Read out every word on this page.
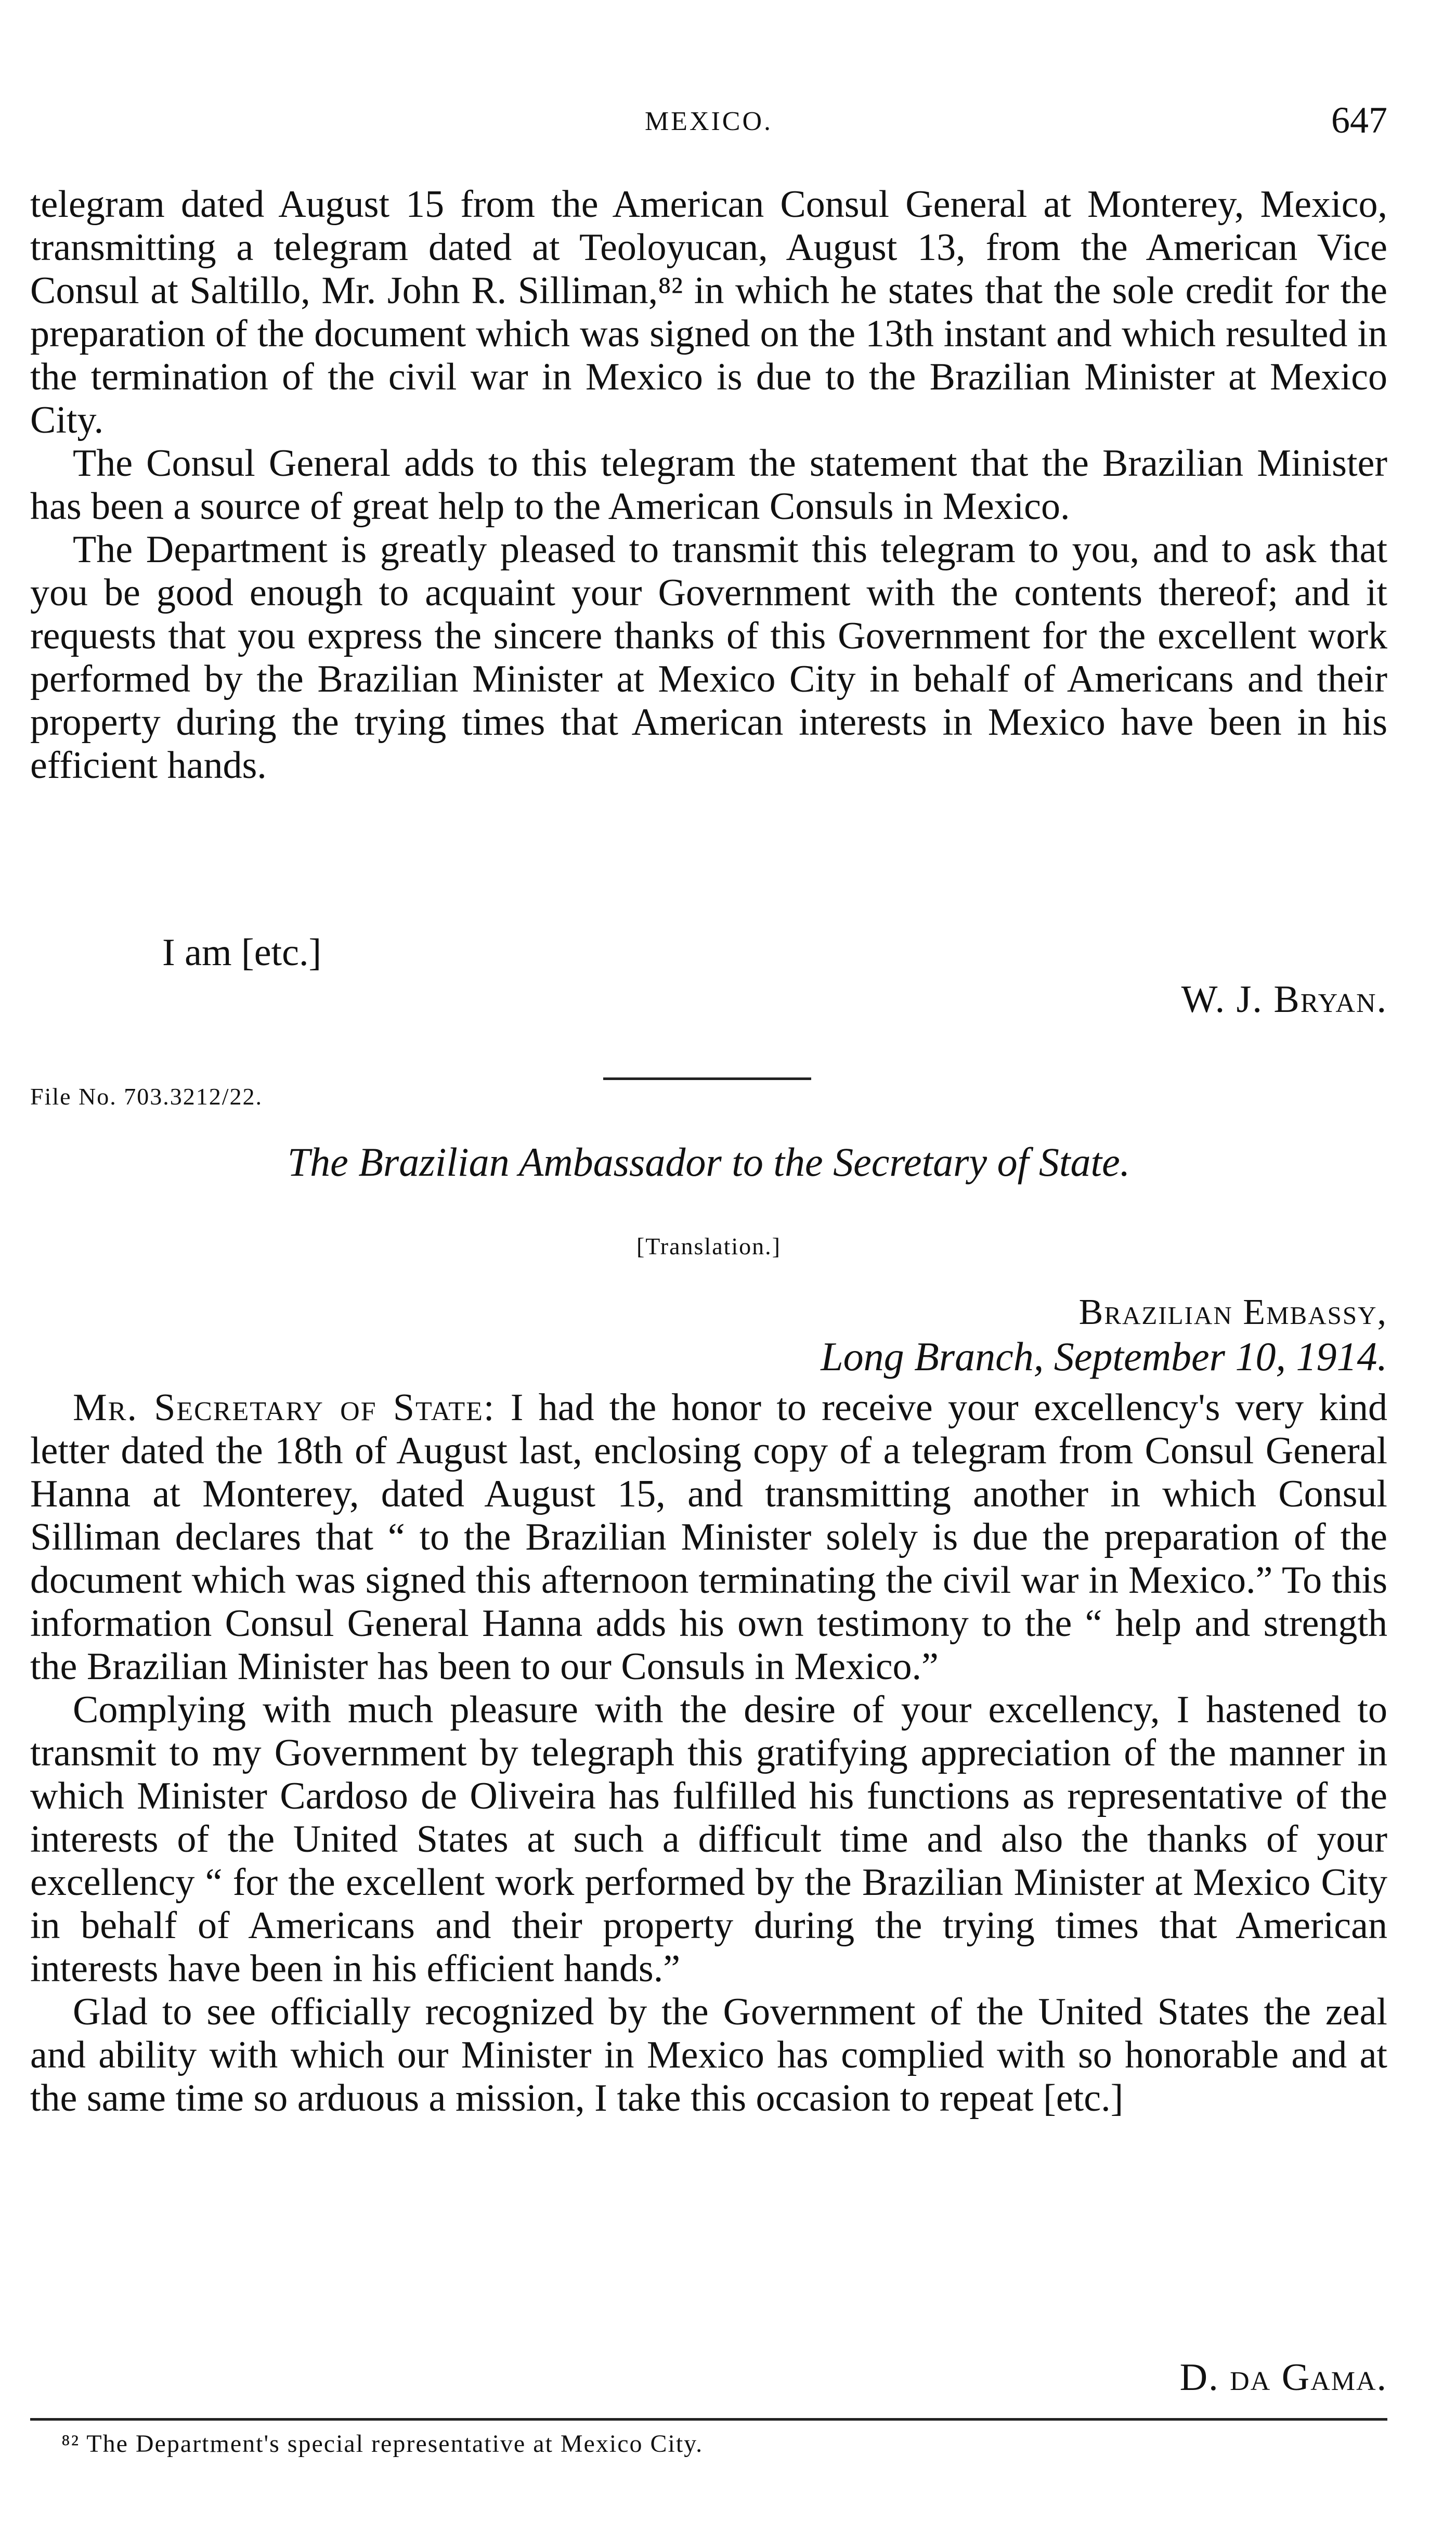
MEXICO.	647

telegram dated August 15 from the American Consul General at Monterey, Mexico, transmitting a telegram dated at Teoloyucan, August 13, from the American Vice Consul at Saltillo, Mr. John R. Silliman,⁸² in which he states that the sole credit for the preparation of the document which was signed on the 13th instant and which resulted in the termination of the civil war in Mexico is due to the Brazilian Minister at Mexico City.

The Consul General adds to this telegram the statement that the Brazilian Minister has been a source of great help to the American Consuls in Mexico.

The Department is greatly pleased to transmit this telegram to you, and to ask that you be good enough to acquaint your Government with the contents thereof; and it requests that you express the sincere thanks of this Government for the excellent work performed by the Brazilian Minister at Mexico City in behalf of Americans and their property during the trying times that American interests in Mexico have been in his efficient hands.

I am [etc.]
W. J. Bryan.
File No. 703.3212/22.
The Brazilian Ambassador to the Secretary of State.
[Translation.]
Brazilian Embassy,
Long Branch, September 10, 1914.

Mr. Secretary of State: I had the honor to receive your excellency's very kind letter dated the 18th of August last, enclosing copy of a telegram from Consul General Hanna at Monterey, dated August 15, and transmitting another in which Consul Silliman declares that “ to the Brazilian Minister solely is due the preparation of the document which was signed this afternoon terminating the civil war in Mexico.” To this information Consul General Hanna adds his own testimony to the “ help and strength the Brazilian Minister has been to our Consuls in Mexico.”

Complying with much pleasure with the desire of your excellency, I hastened to transmit to my Government by telegraph this gratifying appreciation of the manner in which Minister Cardoso de Oliveira has fulfilled his functions as representative of the interests of the United States at such a difficult time and also the thanks of your excellency “ for the excellent work performed by the Brazilian Minister at Mexico City in behalf of Americans and their property during the trying times that American interests have been in his efficient hands.”

Glad to see officially recognized by the Government of the United States the zeal and ability with which our Minister in Mexico has complied with so honorable and at the same time so arduous a mission, I take this occasion to repeat [etc.]

D. da Gama.
⁸² The Department's special representative at Mexico City.
